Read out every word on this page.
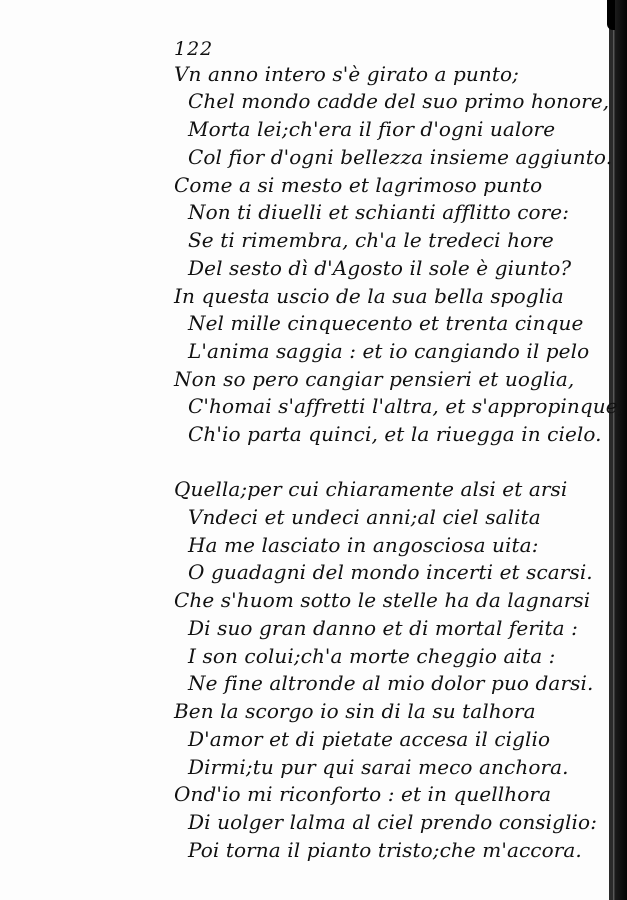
122
Vn anno intero s'è girato a punto;
Chel mondo cadde del suo primo honore,
Morta lei;ch'era il fior d'ogni ualore
Col fior d'ogni bellezza insieme aggiunto.
Come a si mesto et lagrimoso punto
Non ti diuelli et schianti afflitto core:
Se ti rimembra, ch'a le tredeci hore
Del sesto dì d'Agosto il sole è giunto?
In questa uscio de la sua bella spoglia
Nel mille cinquecento et trenta cinque
L'anima saggia : et io cangiando il pelo
Non so pero cangiar pensieri et uoglia,
C'homai s'affretti l'altra, et s'appropinque,
Ch'io parta quinci, et la riuegga in cielo.
Quella;per cui chiaramente alsi et arsi
Vndeci et undeci anni;al ciel salita
Ha me lasciato in angosciosa uita:
O guadagni del mondo incerti et scarsi.
Che s'huom sotto le stelle ha da lagnarsi
Di suo gran danno et di mortal ferita :
I son colui;ch'a morte cheggio aita :
Ne fine altronde al mio dolor puo darsi.
Ben la scorgo io sin di la su talhora
D'amor et di pietate accesa il ciglio
Dirmi;tu pur qui sarai meco anchora.
Ond'io mi riconforto : et in quellhora
Di uolger lalma al ciel prendo consiglio:
Poi torna il pianto tristo;che m'accora.
